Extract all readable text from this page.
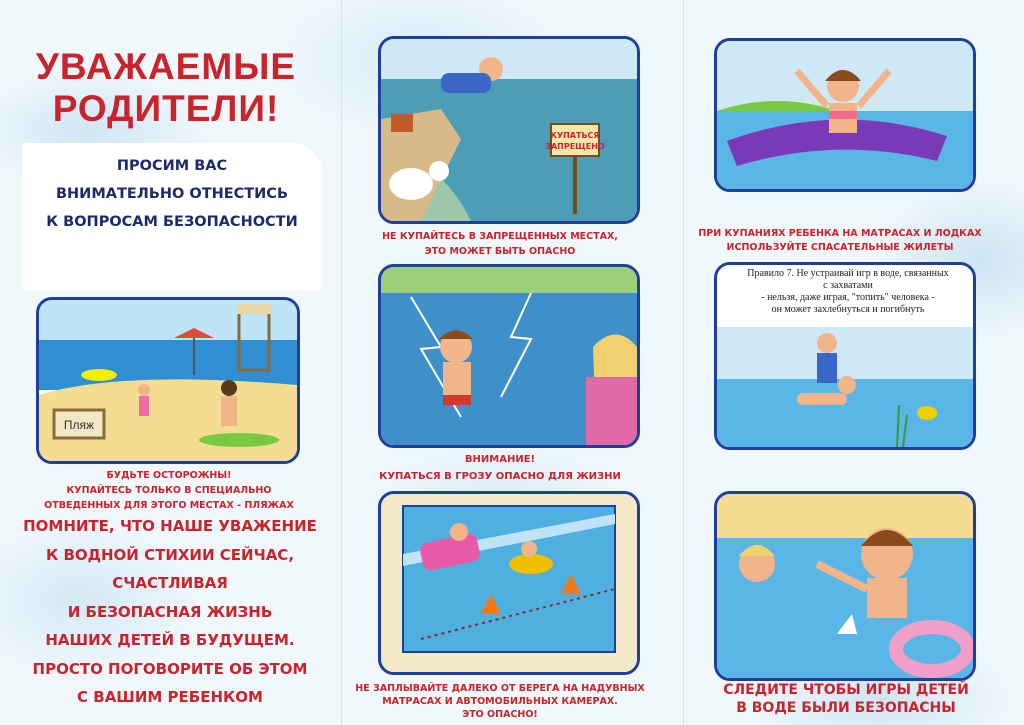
УВАЖАЕМЫЕ
РОДИТЕЛИ!
ПРОСИМ ВАС
ВНИМАТЕЛЬНО ОТНЕСТИСЬ
К ВОПРОСАМ БЕЗОПАСНОСТИ
Пляж
БУДЬТЕ ОСТОРОЖНЫ!
КУПАЙТЕСЬ ТОЛЬКО В СПЕЦИАЛЬНО
ОТВЕДЕННЫХ ДЛЯ ЭТОГО МЕСТАХ - ПЛЯЖАХ
ПОМНИТЕ, ЧТО НАШЕ УВАЖЕНИЕ
К ВОДНОЙ СТИХИИ СЕЙЧАС,
СЧАСТЛИВАЯ
И БЕЗОПАСНАЯ ЖИЗНЬ
НАШИХ ДЕТЕЙ В БУДУЩЕМ.
ПРОСТО ПОГОВОРИТЕ ОБ ЭТОМ
С ВАШИМ РЕБЕНКОМ
КУПАТЬСЯ
ЗАПРЕЩЕНО
НЕ КУПАЙТЕСЬ В ЗАПРЕЩЕННЫХ МЕСТАХ,
ЭТО МОЖЕТ БЫТЬ ОПАСНО
ВНИМАНИЕ!
КУПАТЬСЯ В ГРОЗУ ОПАСНО ДЛЯ ЖИЗНИ
НЕ ЗАПЛЫВАЙТЕ ДАЛЕКО ОТ БЕРЕГА НА НАДУВНЫХ
МАТРАСАХ И АВТОМОБИЛЬНЫХ КАМЕРАХ.
ЭТО ОПАСНО!
ПРИ КУПАНИЯХ РЕБЕНКА НА МАТРАСАХ И ЛОДКАХ
ИСПОЛЬЗУЙТЕ СПАСАТЕЛЬНЫЕ ЖИЛЕТЫ
Правило 7. Не устраивай игр в воде, связанных
с захватами
- нельзя, даже играя, "топить" человека -
он может захлебнуться и погибнуть
СЛЕДИТЕ ЧТОБЫ ИГРЫ ДЕТЕЙ
В ВОДЕ БЫЛИ БЕЗОПАСНЫ
